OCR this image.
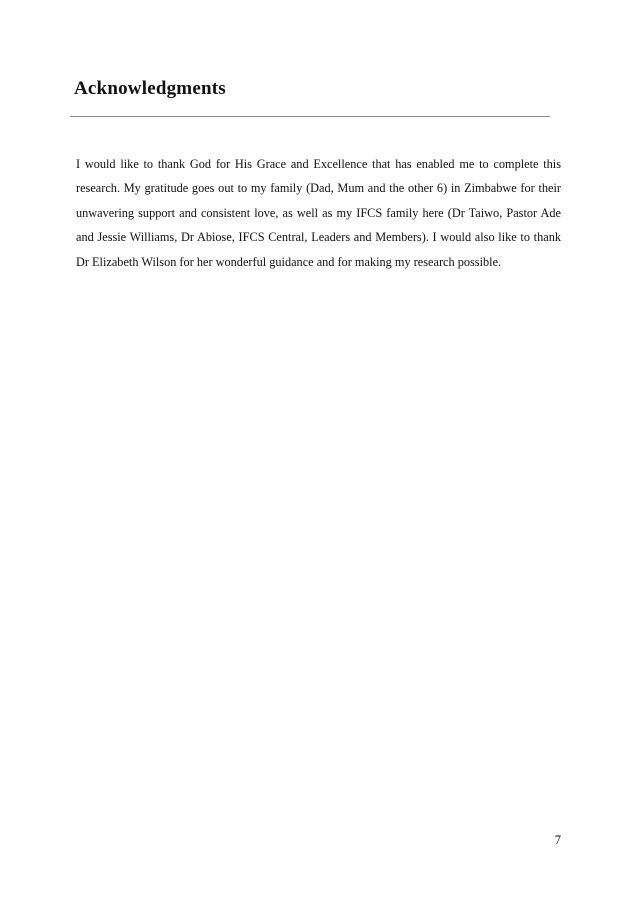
Acknowledgments

I would like to thank God for His Grace and Excellence that has enabled me to complete this research. My gratitude goes out to my family (Dad, Mum and the other 6) in Zimbabwe for their unwavering support and consistent love, as well as my IFCS family here (Dr Taiwo, Pastor Ade and Jessie Williams, Dr Abiose, IFCS Central, Leaders and Members). I would also like to thank Dr Elizabeth Wilson for her wonderful guidance and for making my research possible.

7
